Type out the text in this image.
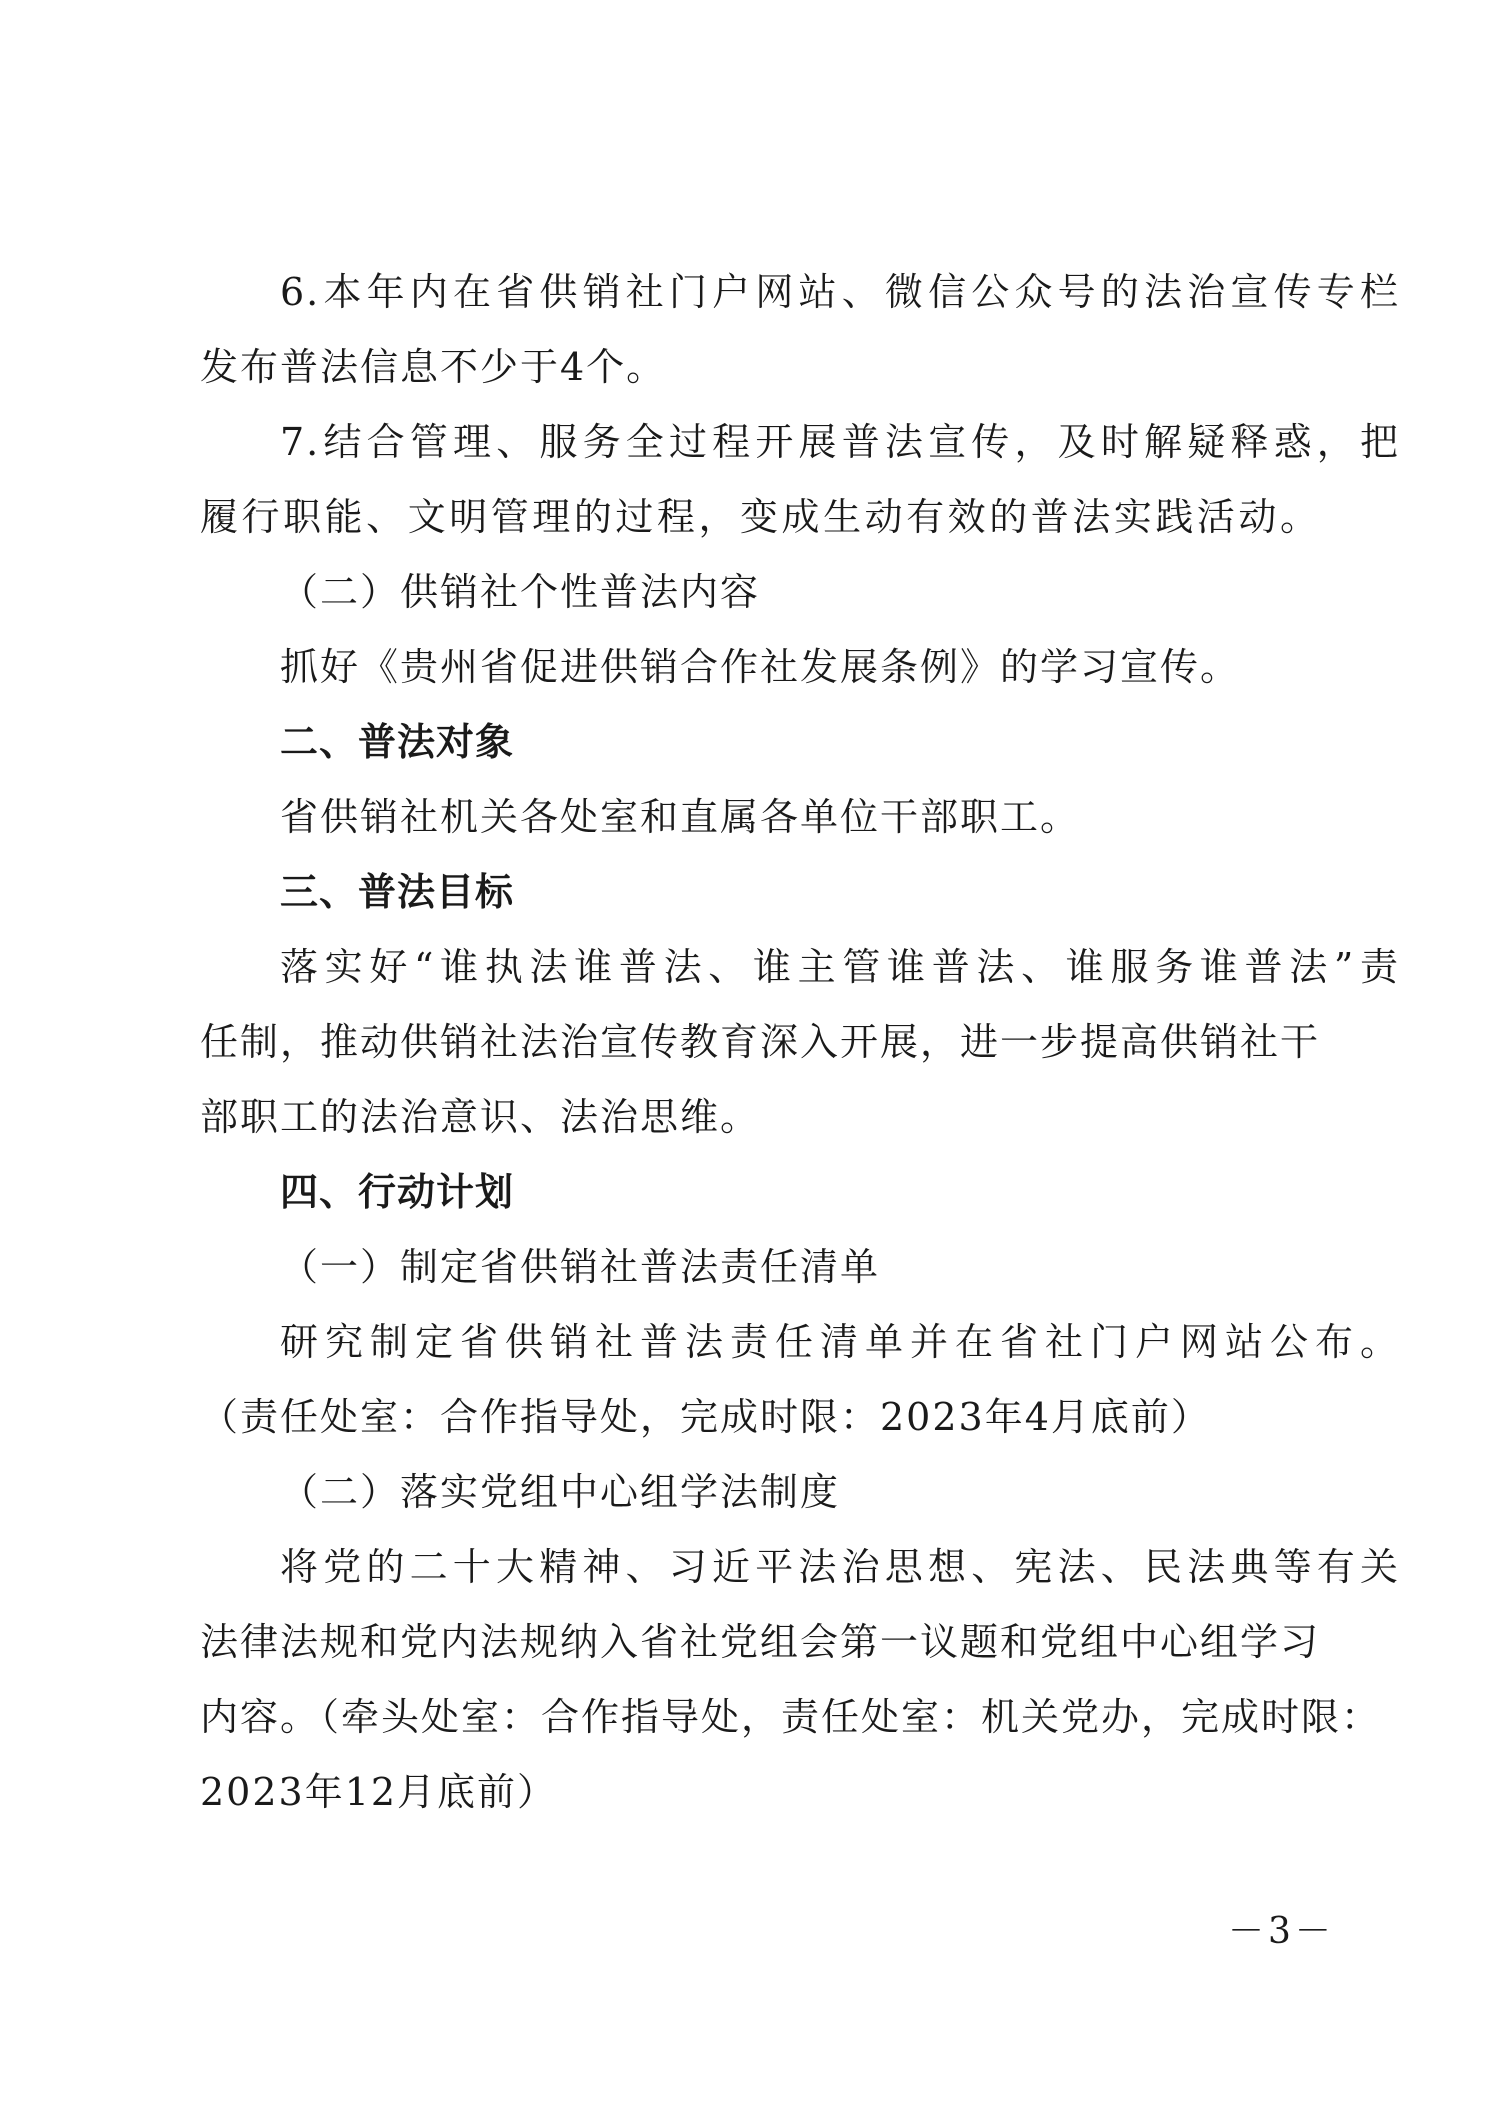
6.本年内在省供销社门户网站、微信公众号的法治宣传专栏
发布普法信息不少于4个。
7.结合管理、服务全过程开展普法宣传，及时解疑释惑，把
履行职能、文明管理的过程，变成生动有效的普法实践活动。
（二）供销社个性普法内容
抓好《贵州省促进供销合作社发展条例》的学习宣传。
二、普法对象
省供销社机关各处室和直属各单位干部职工。
三、普法目标
落实好“谁执法谁普法、谁主管谁普法、谁服务谁普法”责
任制，推动供销社法治宣传教育深入开展，进一步提高供销社干
部职工的法治意识、法治思维。
四、行动计划
（一）制定省供销社普法责任清单
研究制定省供销社普法责任清单并在省社门户网站公布。
（责任处室：合作指导处，完成时限：2023年4月底前）
（二）落实党组中心组学法制度
将党的二十大精神、习近平法治思想、宪法、民法典等有关
法律法规和党内法规纳入省社党组会第一议题和党组中心组学习
内容。（牵头处室：合作指导处，责任处室：机关党办，完成时限：
2023年12月底前）
－3－
